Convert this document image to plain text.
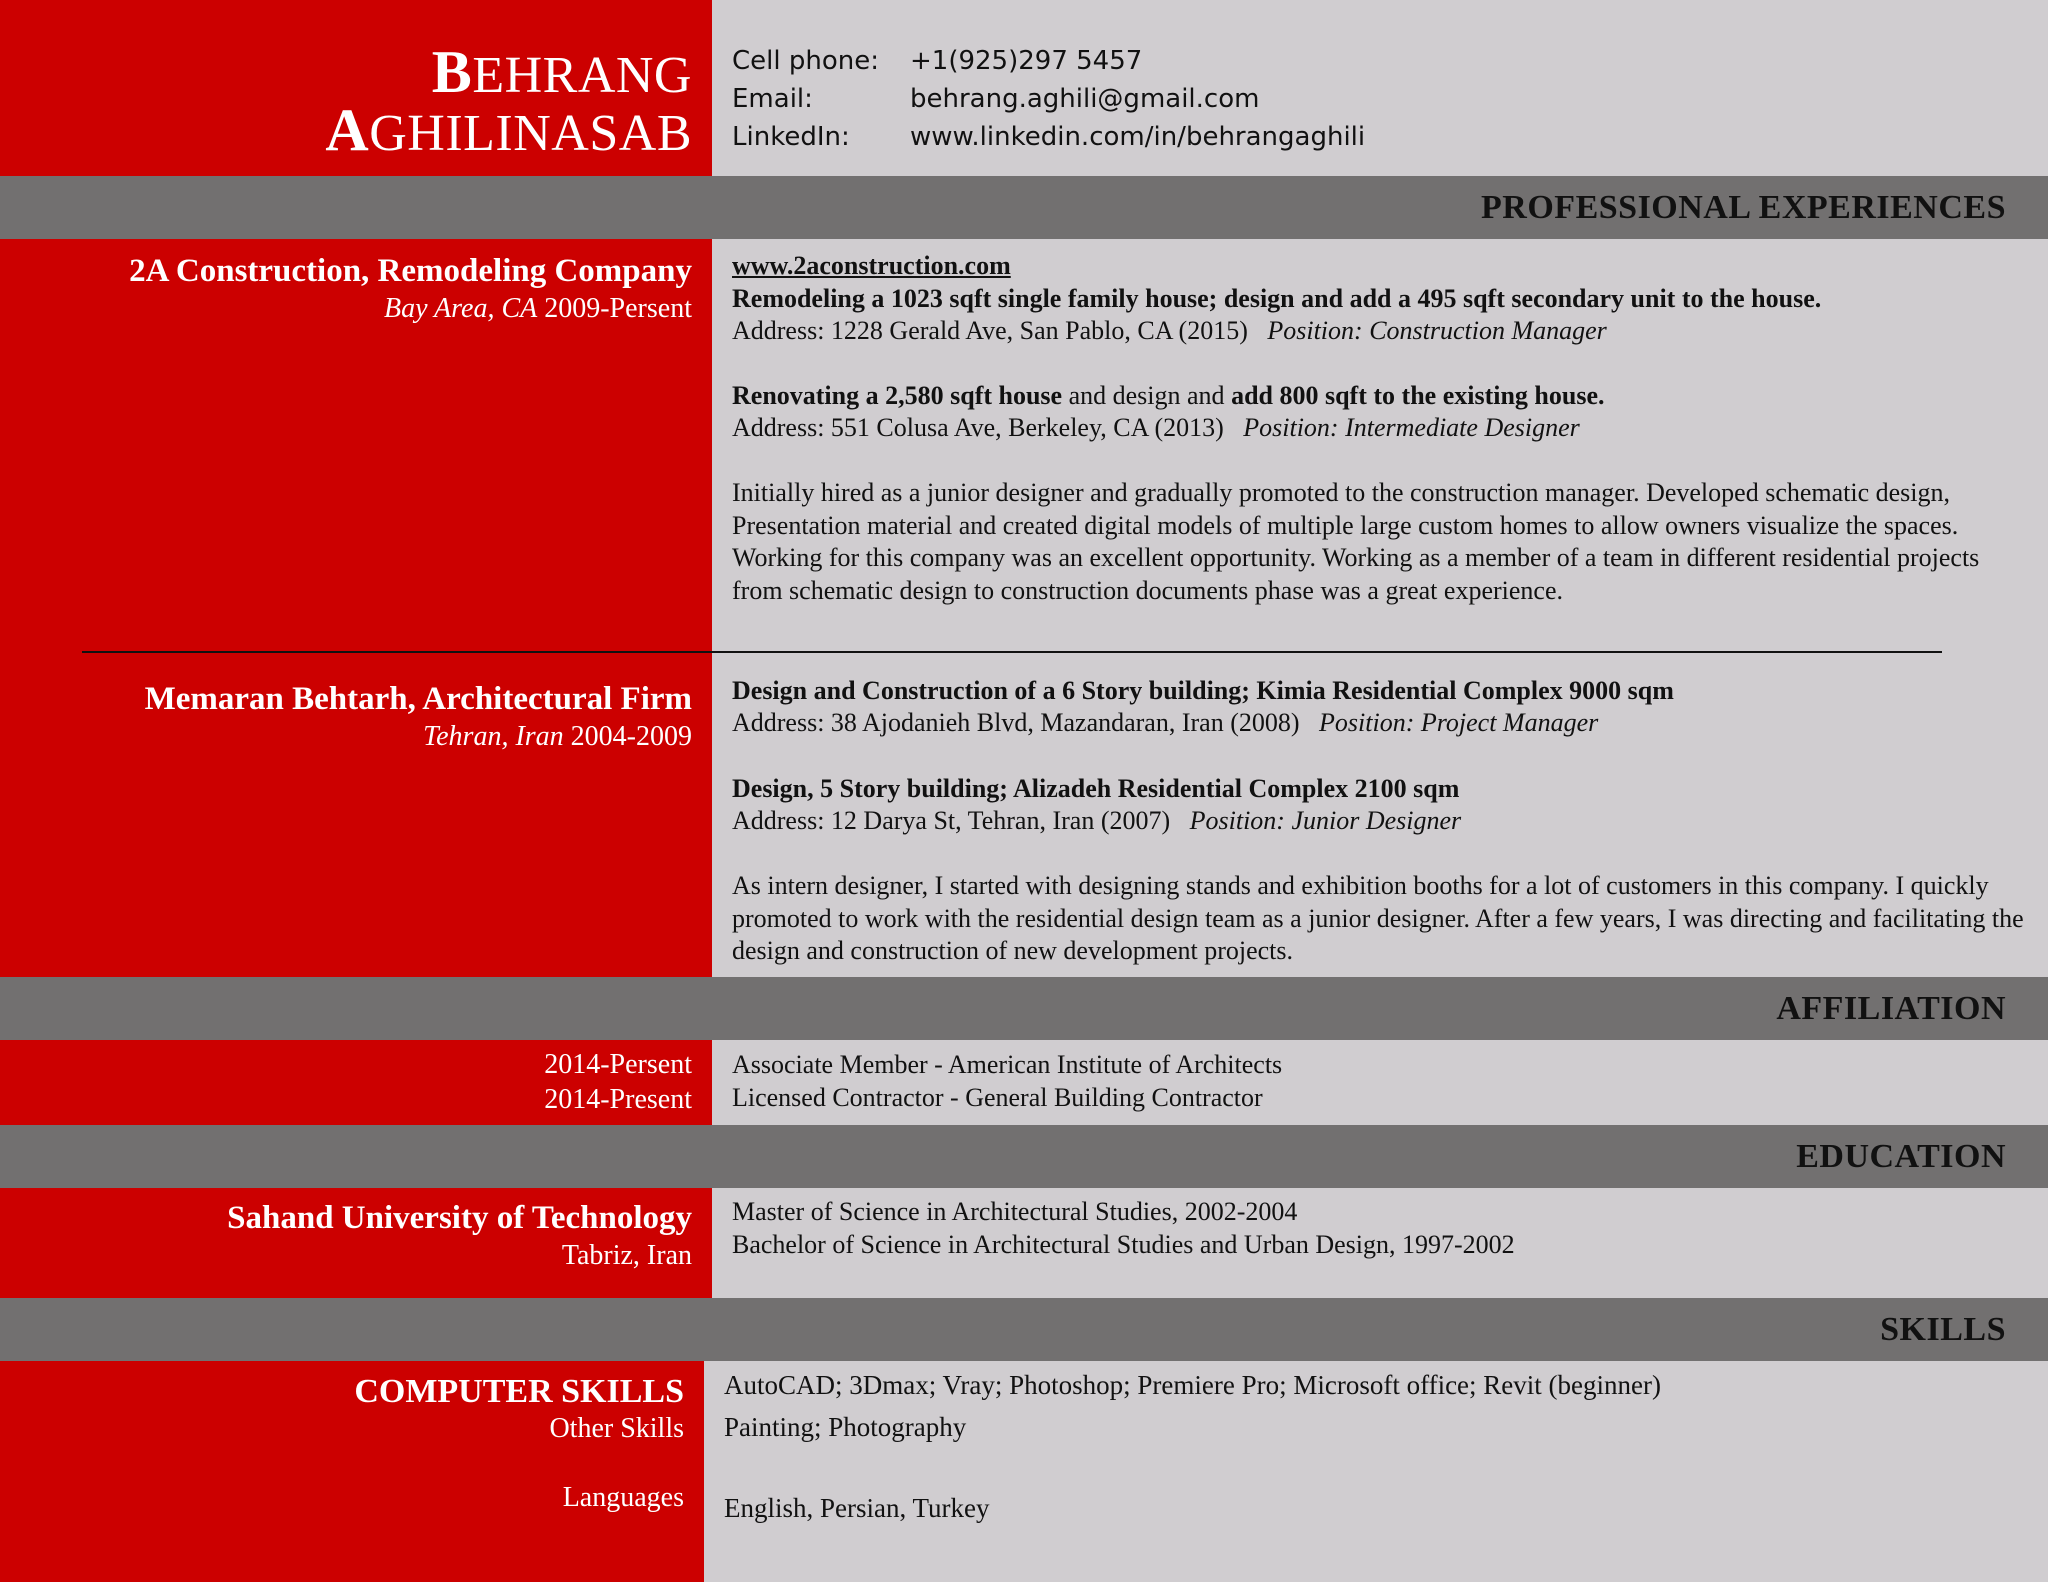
BEHRANG
AGHILINASAB
Cell phone: +1(925)297 5457
Email:	behrang.aghili@gmail.com
LinkedIn: www.linkedin.com/in/behrangaghili
PROFESSIONAL EXPERIENCES
2A Construction, Remodeling Company
Bay Area, CA 2009-Persent
Memaran Behtarh, Architectural Firm
Tehran, Iran 2004-2009
www.2aconstruction.com
Remodeling a 1023 sqft single family house; design and add a 495 sqft secondary unit to the house.
Address: 1228 Gerald Ave, San Pablo, CA (2015) Position: Construction Manager
Renovating a 2,580 sqft house and design and add 800 sqft to the existing house.
Address: 551 Colusa Ave, Berkeley, CA (2013) Position: Intermediate Designer

Initially hired as a junior designer and gradually promoted to the construction manager. Developed schematic design, Presentation material and created digital models of multiple large custom homes to allow owners visualize the spaces.

Working for this company was an excellent opportunity. Working as a member of a team in different residential projects from schematic design to construction documents phase was a great experience.

Design and Construction of a 6 Story building; Kimia Residential Complex 9000 sqm
Address: 38 Ajodanieh Blvd, Mazandaran, Iran (2008) Position: Project Manager
Design, 5 Story building; Alizadeh Residential Complex 2100 sqm
Address: 12 Darya St, Tehran, Iran (2007) Position: Junior Designer

As intern designer, I started with designing stands and exhibition booths for a lot of customers in this company. I quickly promoted to work with the residential design team as a junior designer. After a few years, I was directing and facilitating the design and construction of new development projects.

AFFILIATION
2014-Persent
2014-Present
Associate Member - American Institute of Architects
Licensed Contractor - General Building Contractor
EDUCATION
Sahand University of Technology
Tabriz, Iran
Master of Science in Architectural Studies, 2002-2004
Bachelor of Science in Architectural Studies and Urban Design, 1997-2002
SKILLS
COMPUTER SKILLS
Other Skills
Languages
AutoCAD; 3Dmax; Vray; Photoshop; Premiere Pro; Microsoft office; Revit (beginner)
Painting; Photography
English, Persian, Turkey
